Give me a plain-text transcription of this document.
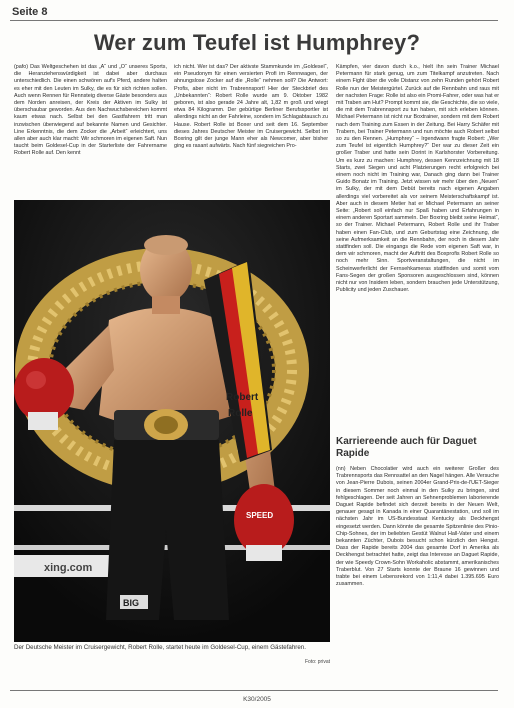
Seite 8
Wer zum Teufel ist Humphrey?

(pafo) Das Weltgeschehen ist das „A“ und „O“ unseres Sports, die Heranziehenswürdigkeit ist dabei aber durchaus unterschiedlich. Die einen schwören auf's Pferd, andere halten es eher mit den Leuten im Sulky, die es für sich richten sollen. Auch wenn Rennen für Rennsteig diverse Gäste besonders aus dem Norden anreisen, der Kreis der Aktiven im Sulky ist überschaubar geworden. Aus den Nachwuchsbereichen kommt kaum etwas nach. Selbst bei den Gastfahrern tritt man inzwischen überwiegend auf bekannte Namen und Gesichter. Line Erkenntnis, die dem Zocker die „Arbeit“ erleichtert, uns allen aber auch klar macht: Wir schmoren im eigenen Saft. Nun taucht beim Goldesel-Cup in der Starterliste der Fahrername Robert Rolle auf. Den kennt

ich nicht. Wer ist das? Der aktivste Stammkunde im „Goldesel“, ein Pseudonym für einen versierten Profi im Rennwagen, der ahnungslose Zocker auf die „Rolle“ nehmen soll? Die Antwort: Profis, aber nicht im Trabrennsport! Hier der Steckbrief des „Unbekannten“: Robert Rolle wurde am 9. Oktober 1982 geboren, ist also gerade 24 Jahre alt, 1,82 m groß und wiegt etwa 84 Kilogramm. Der gebürtige Berliner Berufssportler ist allerdings nicht an der Fahrleine, sondern im Schlagabtausch zu Hause. Robert Rolle ist Boxer und seit dem 16. September dieses Jahres Deutscher Meister im Cruisergewicht. Selbst im Boxring gilt der junge Mann eher als Newcomer, aber bisher ging es rasant aufwärts. Nach fünf siegreichen Pro-

Kämpfen, vier davon durch k.o., hielt ihn sein Trainer Michael Petermann für stark genug, um zum Titelkampf anzutreten. Nach einem Fight über die volle Distanz von zehn Runden gehört Robert Rolle nun der Meistergürtel. Zurück auf die Rennbahn und raus mit der nachsten Frage: Rolle ist also ein Promi-Fahrer, oder was hat er mit Traben am Hut? Prompt kommt sie, die Geschichte, die so viele, die mit dem Trabrennsport zu tun haben, mit sich erleben können. Michael Petermann ist nicht nur Boxtrainer, sondern mit dem Robert nach dem Training zum Essen in der Zeitung. Bei Harry Schäfer mit Trabern, bei Trainer Petermann und nun möchte auch Robert selbst so zu den Rennen. „Humphrey“ – Irgendwann fragte Robert: „Wer zum Teufel ist eigentlich Humphrey?“ Der war zu dieser Zeit ein großer Traber und hatte sein Dorint in Karlshorster Vorbereitung. Um es kurz zu machen: Humphrey, dessen Kennzeichnung mit 18 Starts, zwei Siegen und acht Platzierungen recht erfolgreich bei einem noch nicht im Training war, Danach ging dann bei Trainer Guido Bonatz im Training. Jetzt wissen wir mehr über den „Neuen“ im Sulky, der mit dem Debüt bereits nach eigenen Angaben allerdings viel vorbereitet als vor seinem Meisterschaftskampf ist. Aber auch in diesem Metier hat er Michael Petermann an seiner Seite: „Robert soll einfach nur Spaß haben und Erfahrungen in einem anderen Sportart sammeln. Der Boxring bleibt seine Heimat“, so der Trainer. Michael Petermann, Robert Rolle und ihr Traber haben einen Fan-Club, und zum Geburtstag eine Zeichnung, die seine Aufmerksamkeit an die Rennbahn, der noch in diesem Jahr stattfinden soll. Die eingangs die Rede vom eigenen Saft war, in dem wir schmoren, macht der Auftritt des Boxprofis Robert Rolle so noch mehr Sinn. Sportveranstaltungen, die nicht im Scheinwerferlicht der Fernsehkameras stattfinden und somit vom Fans-Segen der großen Sponsoren ausgeschlossen sind, können nicht nur von Insidern leben, sondern brauchen jede Unterstützung, Publicity und jeden Zuschauer.

Karriereende auch für Daguet Rapide

(nn) Neben Chocolatier wird auch ein weiterer Großer des Trabrennsports das Rennsattel an den Nagel hängen. Alle Versuche von Jean-Pierre Dubois, seinen 2004er Grand-Prix-de-l'UET-Sieger in diesem Sommer noch einmal in den Sulky zu bringen, sind fehlgeschlagen. Der seit Jahren an Sehnenproblemen laborierende Daguet Rapide befindet sich derzeit bereits in der Neuen Welt, genauer gesagt in Kanada in einer Quarantänestation, und soll im nächsten Jahr im US-Bundesstaat Kentucky als Deckhengst eingesetzt werden. Dann könnte die gesamte Spitzenlinie des Pinio-Chip-Sohnes, der im beliebten Gestüt Walnut Hall-Vater und einem bekannten Züchter, Dubois besucht schon kürzlich den Hengst. Dass der Rapide bereits 2004 das gesamte Dorf in Amerika als Deckhengst betrachtet hatte, zeigt das Interesse an Daguet Rapide, der wie Speedy Crown-Sohn Workaholic abstammt, amerikanisches Traberblut. Von 27 Starts konnte der Braune 16 gewinnen und trabte bei einem Lebensrekord von 1:11,4 dabei 1.395.695 Euro zusammen.

xing.com
Robert
Rolle
BIG
SPEED
Der Deutsche Meister im Cruisergewicht, Robert Rolle, startet heute im Goldesel-Cup, einem Gästefahren.
Foto: privat
K30/2005
